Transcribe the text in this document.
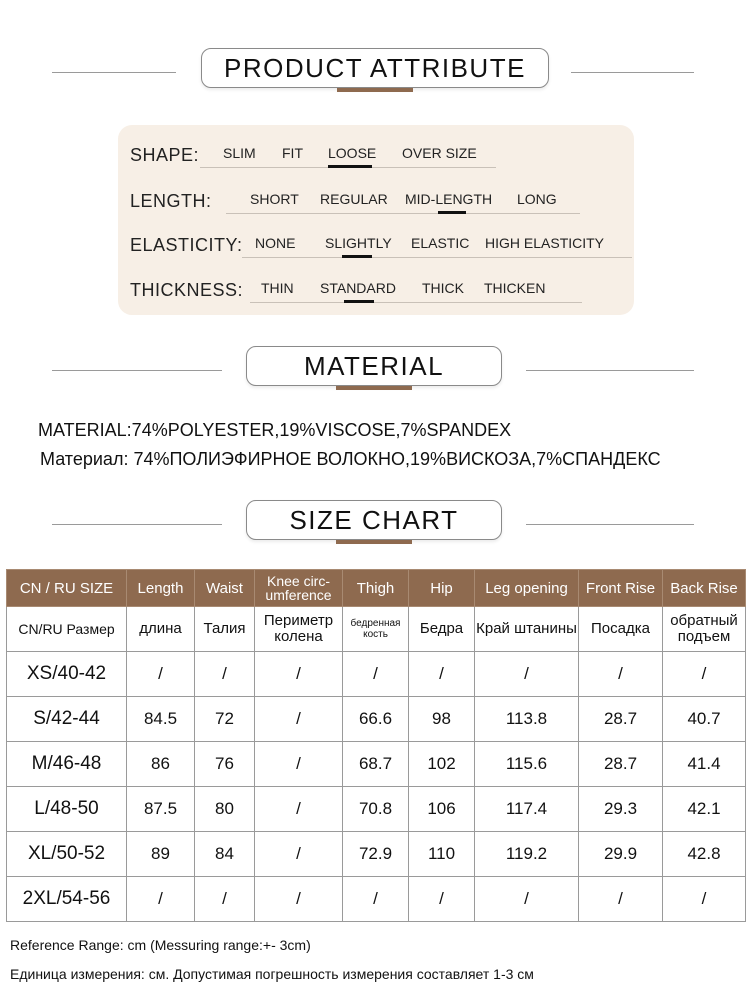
PRODUCT ATTRIBUTE
SHAPE: SLIM FIT LOOSE OVER SIZE
LENGTH:	SHORT REGULAR MID-LENGTH LONG
ELASTICITY: NONE SLIGHTLY ELASTIC HIGH ELASTICITY
THICKNESS: THIN STANDARD THICK THICKEN
MATERIAL
MATERIAL:74%POLYESTER,19%VISCOSE,7%SPANDEX
Материал: 74%ПОЛИЭФИРНОЕ ВОЛОКНО,19%ВИСКОЗА,7%СПАНДЕКС
SIZE CHART
CN / RU SIZE	Length	Waist	Knee circ-umference	Thigh	Hip	Leg opening	Front Rise	Back Rise
CN/RU Размер	длина	Талия	Периметр колена	бедренная кость	Бедра	Край штанины	Посадка	обратный подъем
XS/40-42	/	/	/	/	/	/	/	/
S/42-44	84.5	72	/	66.6	98	113.8	28.7	40.7
M/46-48	86	76	/	68.7	102	115.6	28.7	41.4
L/48-50	87.5	80	/	70.8	106	117.4	29.3	42.1
XL/50-52	89	84	/	72.9	110	119.2	29.9	42.8
2XL/54-56	/	/	/	/	/	/	/	/
Reference Range: cm (Messuring range:+- 3cm)
Единица измерения: см. Допустимая погрешность измерения составляет 1-3 см
